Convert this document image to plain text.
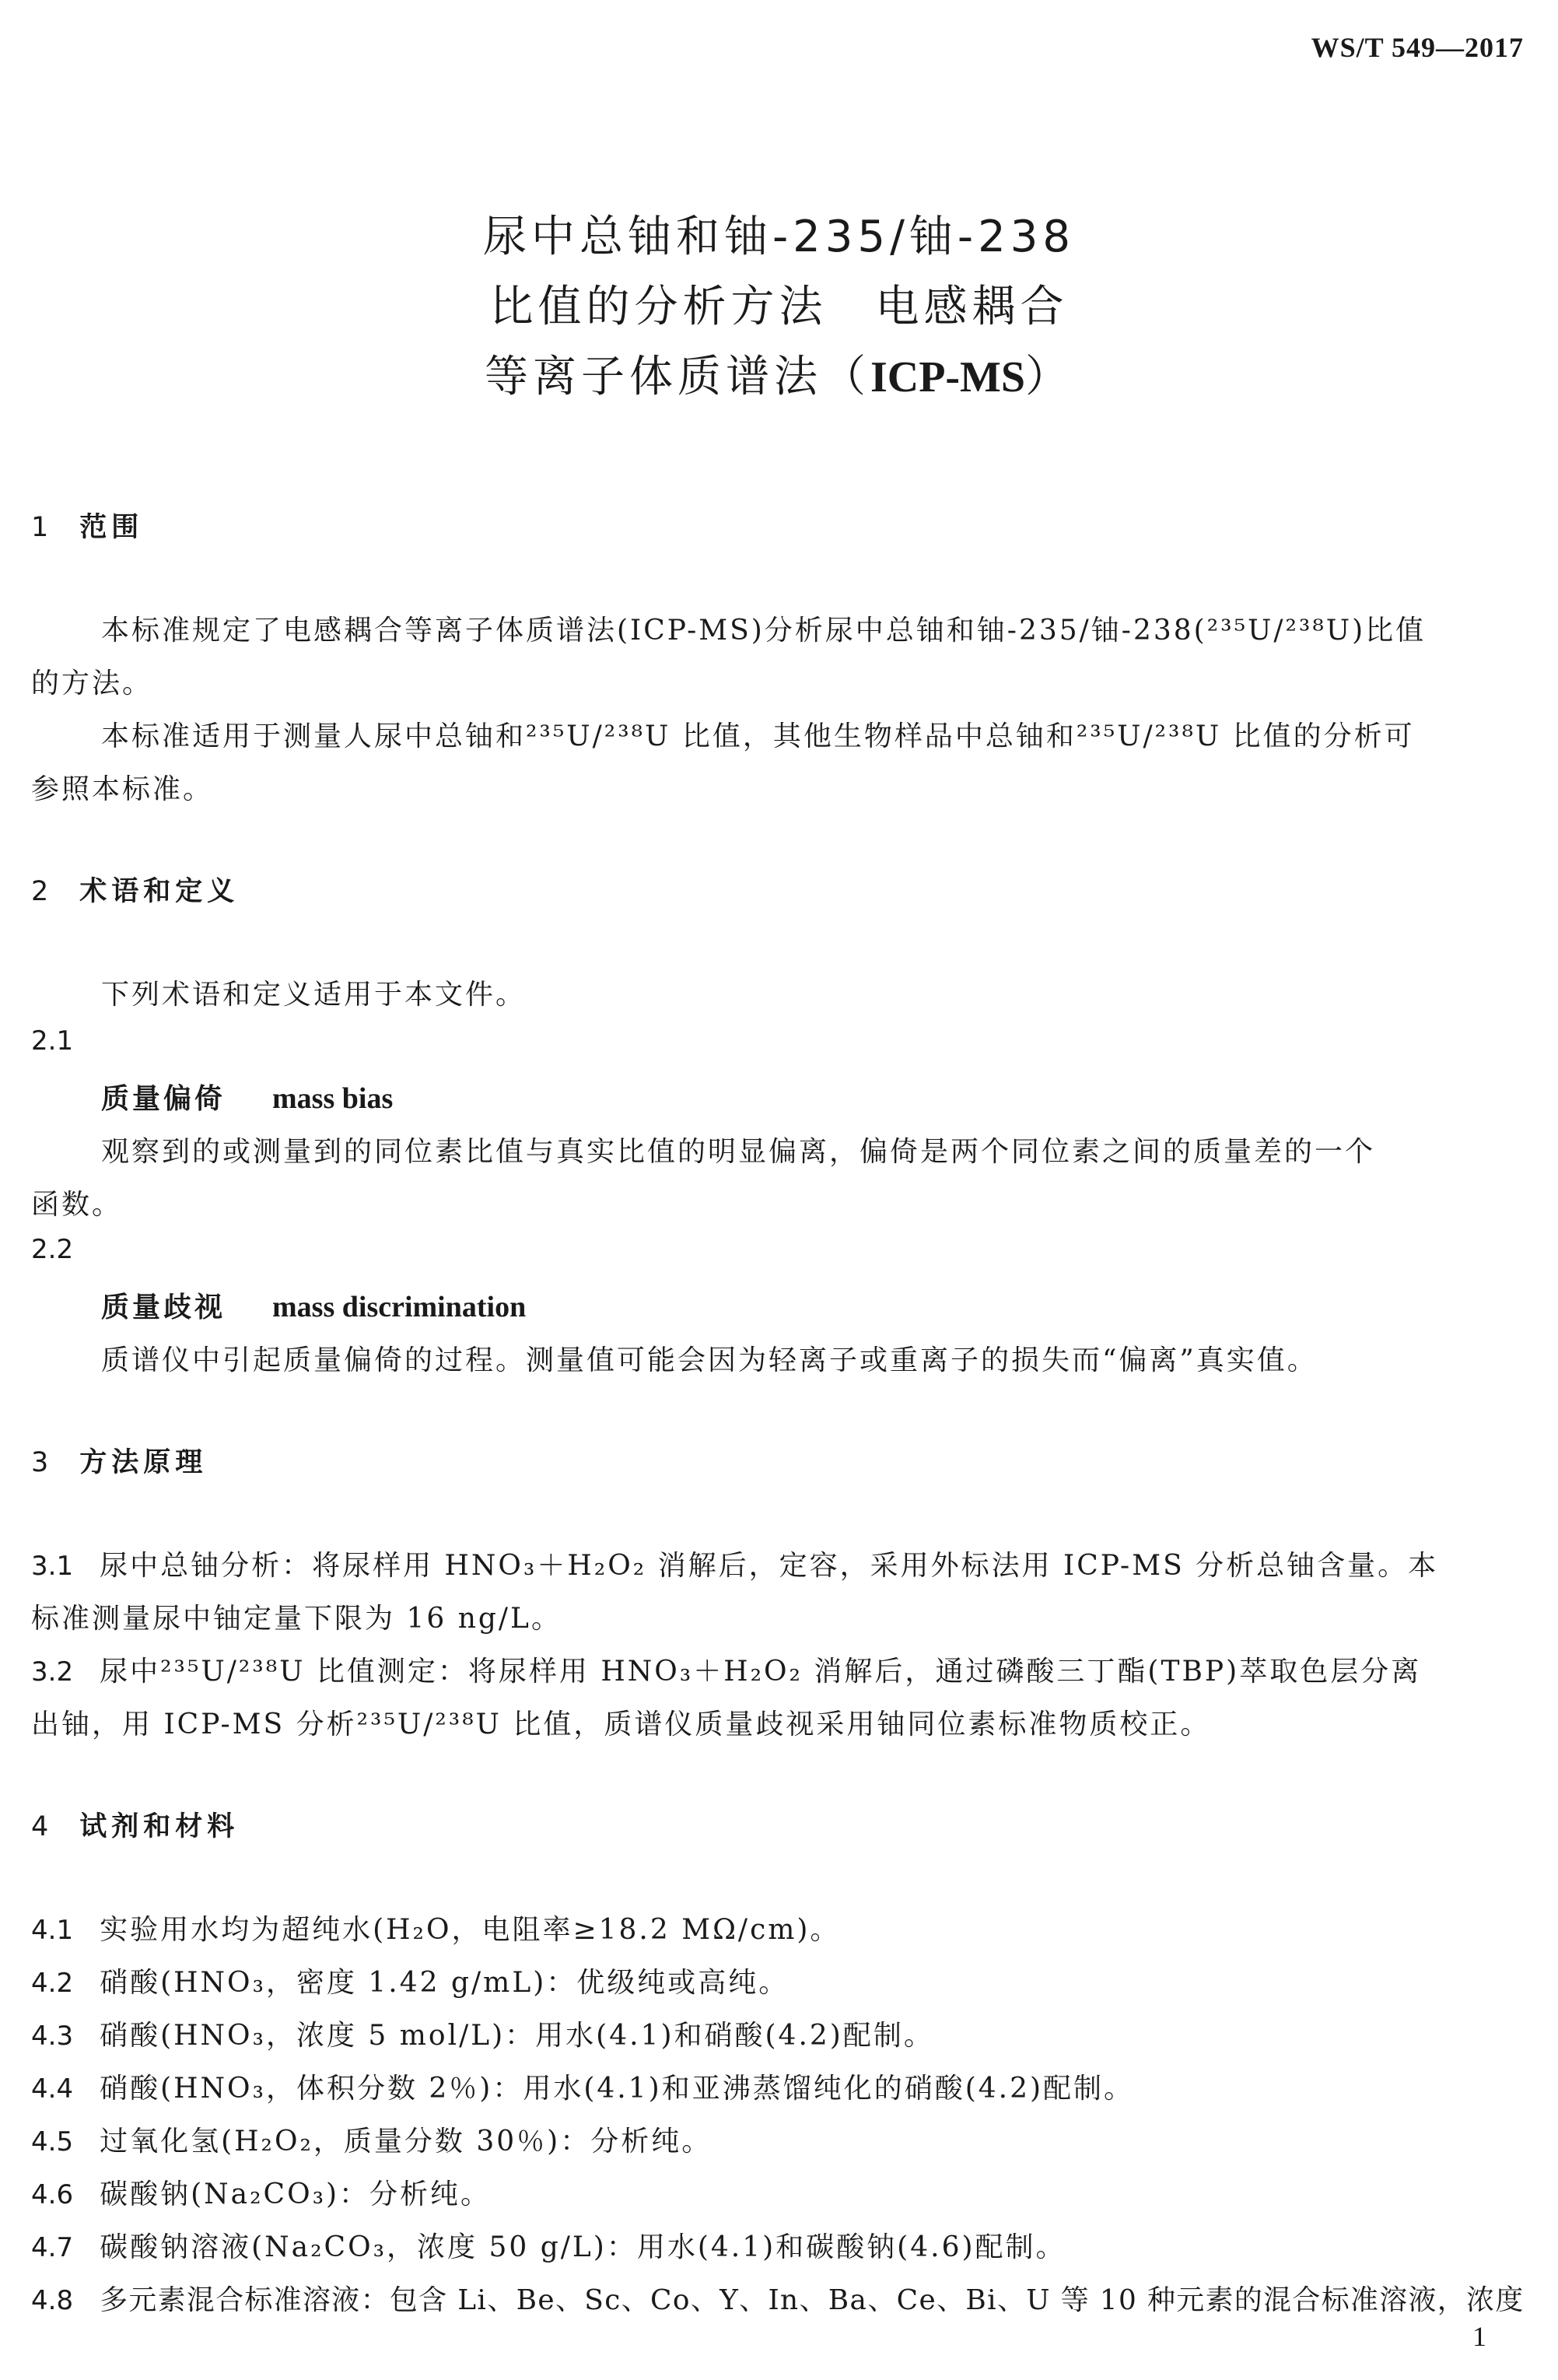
WS/T 549—2017
尿中总铀和铀-235/铀-238
比值的分析方法　电感耦合
等离子体质谱法（ICP-MS）
1 范围
本标准规定了电感耦合等离子体质谱法(ICP-MS)分析尿中总铀和铀-235/铀-238(²³⁵U/²³⁸U)比值
的方法。
本标准适用于测量人尿中总铀和²³⁵U/²³⁸U 比值，其他生物样品中总铀和²³⁵U/²³⁸U 比值的分析可
参照本标准。
2 术语和定义
下列术语和定义适用于本文件。
2.1
质量偏倚 mass bias
观察到的或测量到的同位素比值与真实比值的明显偏离，偏倚是两个同位素之间的质量差的一个
函数。
2.2
质量歧视 mass discrimination
质谱仪中引起质量偏倚的过程。测量值可能会因为轻离子或重离子的损失而“偏离”真实值。
3 方法原理
3.1 尿中总铀分析：将尿样用 HNO₃＋H₂O₂ 消解后，定容，采用外标法用 ICP-MS 分析总铀含量。本
标准测量尿中铀定量下限为 16 ng/L。
3.2 尿中²³⁵U/²³⁸U 比值测定：将尿样用 HNO₃＋H₂O₂ 消解后，通过磷酸三丁酯(TBP)萃取色层分离
出铀，用 ICP-MS 分析²³⁵U/²³⁸U 比值，质谱仪质量歧视采用铀同位素标准物质校正。
4 试剂和材料
4.1 实验用水均为超纯水(H₂O，电阻率≥18.2 MΩ/cm)。
4.2 硝酸(HNO₃，密度 1.42 g/mL)：优级纯或高纯。
4.3 硝酸(HNO₃，浓度 5 mol/L)：用水(4.1)和硝酸(4.2)配制。
4.4 硝酸(HNO₃，体积分数 2％)：用水(4.1)和亚沸蒸馏纯化的硝酸(4.2)配制。
4.5 过氧化氢(H₂O₂，质量分数 30％)：分析纯。
4.6 碳酸钠(Na₂CO₃)：分析纯。
4.7 碳酸钠溶液(Na₂CO₃，浓度 50 g/L)：用水(4.1)和碳酸钠(4.6)配制。
4.8 多元素混合标准溶液：包含 Li、Be、Sc、Co、Y、In、Ba、Ce、Bi、U 等 10 种元素的混合标准溶液，浓度
1
